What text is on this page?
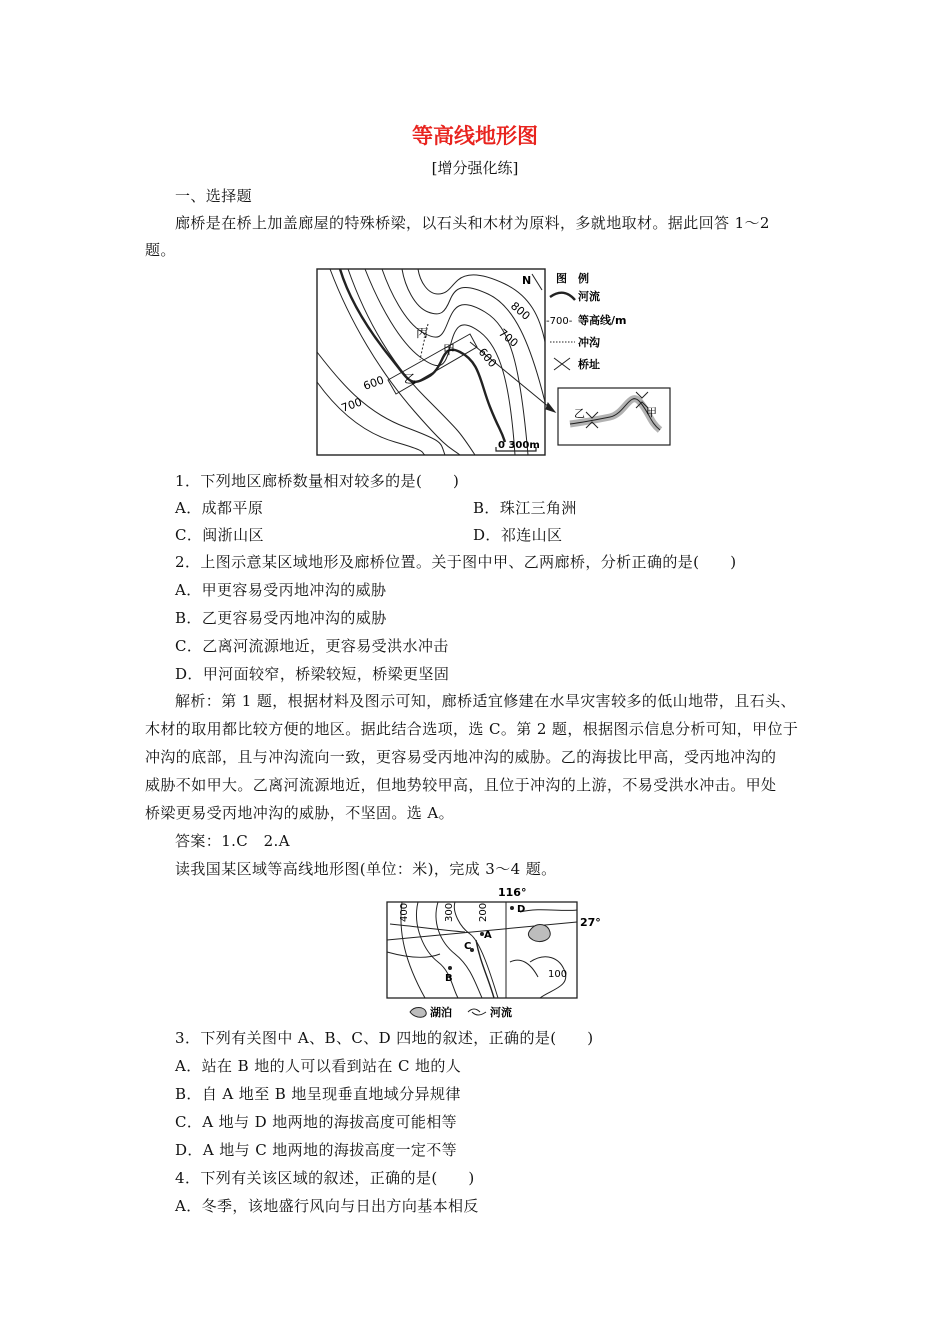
等高线地形图
[增分强化练]
一、选择题
廊桥是在桥上加盖廊屋的特殊桥梁，以石头和木材为原料，多就地取材。据此回答 1～2
题。
N
800
700
600
600
700
丙
甲
乙
0 300m
图　例
河流
-700- 等高线/m
冲沟
桥址
乙	甲
1．下列地区廊桥数量相对较多的是(　　)
A．成都平原	B．珠江三角洲
C．闽浙山区	D．祁连山区
2．上图示意某区域地形及廊桥位置。关于图中甲、乙两廊桥，分析正确的是(　　)
A．甲更容易受丙地冲沟的威胁
B．乙更容易受丙地冲沟的威胁
C．乙离河流源地近，更容易受洪水冲击
D．甲河面较窄，桥梁较短，桥梁更坚固
解析：第 1 题，根据材料及图示可知，廊桥适宜修建在水旱灾害较多的低山地带，且石头、
木材的取用都比较方便的地区。据此结合选项，选 C。第 2 题，根据图示信息分析可知，甲位于
冲沟的底部，且与冲沟流向一致，更容易受丙地冲沟的威胁。乙的海拔比甲高，受丙地冲沟的
威胁不如甲大。乙离河流源地近，但地势较甲高，且位于冲沟的上游，不易受洪水冲击。甲处
桥梁更易受丙地冲沟的威胁，不坚固。选 A。
答案：1.C　2.A
读我国某区域等高线地形图(单位：米)，完成 3～4 题。
116°
27°
400	300 200
100
A
C
B
D
湖泊	河流
3．下列有关图中 A、B、C、D 四地的叙述，正确的是(　　)
A．站在 B 地的人可以看到站在 C 地的人
B．自 A 地至 B 地呈现垂直地域分异规律
C．A 地与 D 地两地的海拔高度可能相等
D．A 地与 C 地两地的海拔高度一定不等
4．下列有关该区域的叙述，正确的是(　　)
A．冬季，该地盛行风向与日出方向基本相反
